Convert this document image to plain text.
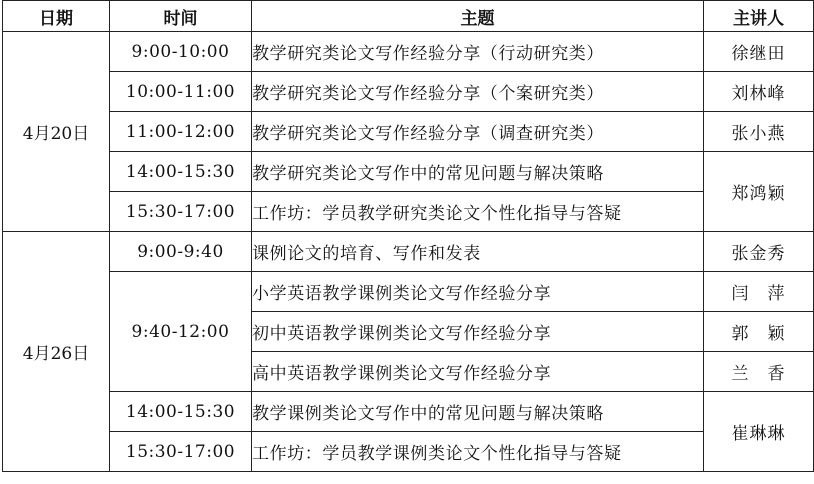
日期	时间	主题	主讲人
4月20日	9:00-10:00	教学研究类论文写作经验分享（行动研究类）	徐继田
	10:00-11:00	教学研究类论文写作经验分享（个案研究类）	刘林峰
	11:00-12:00	教学研究类论文写作经验分享（调查研究类）	张小燕
	14:00-15:30	教学研究类论文写作中的常见问题与解决策略	郑鸿颖
	15:30-17:00	工作坊：学员教学研究类论文个性化指导与答疑	
4月26日	9:00-9:40	课例论文的培育、写作和发表	张金秀
	9:40-12:00	小学英语教学课例类论文写作经验分享	闫　萍
		初中英语教学课例类论文写作经验分享	郭　颖
		高中英语教学课例类论文写作经验分享	兰　香
	14:00-15:30	教学课例类论文写作中的常见问题与解决策略	崔琳琳
	15:30-17:00	工作坊：学员教学课例类论文个性化指导与答疑	
